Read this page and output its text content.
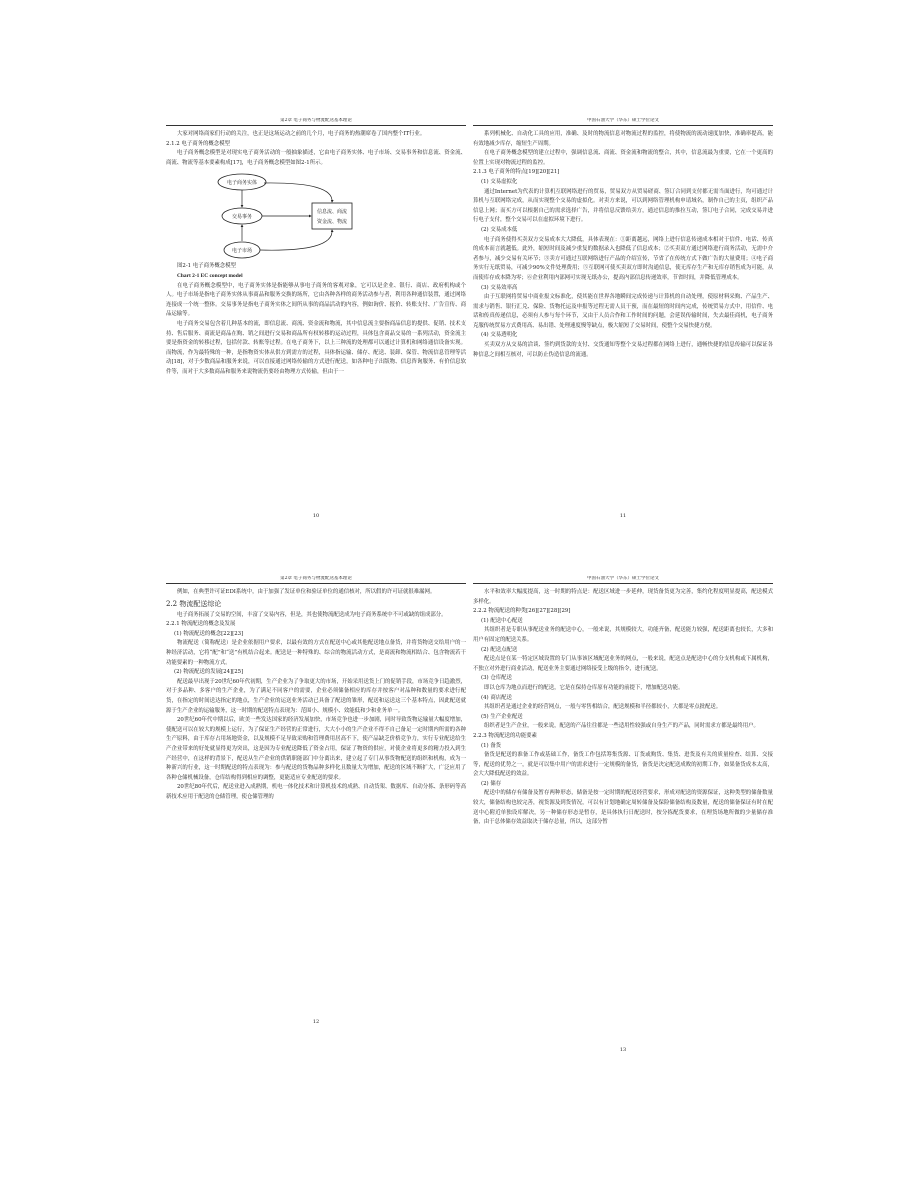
第2章 电子商务与物流配送基本理论

大家对网络商家们行动的关注，也正是这场运动之前的几个月，电子商务的热潮席卷了国内整个IT行业。

2.1.2 电子商务的概念模型

电子商务概念模型是对现实电子商务活动的一般抽象描述，它由电子商务实体、电子市场、交易事务和信息流、资金流、商流、物流等基本要素构成[17]，电子商务概念模型如图2-1所示。

电子商务实体
交易事务
电子市场
信息流、商流
资金流、物流

图2-1 电子商务概念模型

Chart 2-1 EC concept model

在电子商务概念模型中，电子商务实体是指能够从事电子商务的客观对象，它可以是企业、银行、商店、政府机构或个人。电子市场是指电子商务实体从事商品和服务交换的场所，它由各种各样的商务活动参与者，利用各种通信装置，通过网络连接成一个统一整体。交易事务是指电子商务实体之间所从事的商品活动的内容，例如询价、报价、转账支付、广告宣传、商品运输等。

电子商务交易包含着几种基本的流，即信息流、商流、资金流和物流，其中信息流主要指商品信息的提供、促销、技术支持、售后服务、商流是商品在购、销之间进行交易和商品所有权转移的运动过程，具体包含商品交易的一系列活动，资金流主要是指资金的转移过程，包括付款、转账等过程。在电子商务下，以上三种流的处理都可以通过计算机和网络通信设备实现。而物流，作为最特殊的一种，是指物资实体从供方到需方的过程，具体指运输、储存、配送、装卸、保管、物流信息管理等活动[18]，对于少数商品和服务来说，可以直接通过网络传输的方式进行配送，如各种电子出版物、信息咨询服务、有价信息软件等，而对于大多数商品和服务来说物流仍要经由物理方式传输，但由于一

10
中国石油大学（华东）硕士学位论文

系列机械化、自动化工具的应用，准确、及时的物流信息对物流过程的监控，将使物流的流动速度加快，准确率提高，能有效地减少库存，缩短生产周期。

在电子商务概念模型的建立过程中，强调信息流、商流、资金流和物流的整合，其中，信息流最为重要，它在一个更高的位置上实现对物流过程的监控。

2.1.3 电子商务的特点[19][20][21]

(1) 交易虚拟化

通过Internet为代表的计算机互联网络进行的贸易，贸易双方从贸易磋商、签订合同到支付都无需当面进行，均可通过计算机与互联网络完成，从而实现整个交易的虚拟化。对卖方来说，可以到网络管理机构申请域名，制作自己的主页，组织产品信息上网；而买方可以根据自己的需求选择广告，并将信息反馈给卖方，通过信息的推拉互动，签订电子合同，完成交易并进行电子支付，整个交易可以在虚拟环境下进行。

(2) 交易成本低

电子商务使得买卖双方交易成本大大降低，具体表现在：①距离越远，网络上进行信息传递成本相对于信件、电话、传真的成本而言就越低。此外，缩短时间及减少重复的数据录入也降低了信息成本；②买卖双方通过网络进行商务活动，无需中介者参与，减少交易有关环节；③卖方可通过互联网络进行产品的介绍宣传，节省了在传统方式下做广告的大量费用；④电子商务实行无纸贸易，可减少90%文件处理费用；⑤互联网可使买卖双方即时沟通信息，使无库存生产和无库存销售成为可能，从而使库存成本降为零；⑥企业利用内部网可实现无纸办公，提高内部信息传递效率，节省时间，并降低管理成本。

(3) 交易效率高

由于互联网将贸易中商业报文标准化，使其能在世界各地瞬间完成传递与计算机的自动处理，使原材料采购、产品生产、需求与销售、银行汇兑、保险、货物托运及申报等过程无需人员干预，而在最短的时间内完成，传统贸易方式中，用信件、电话和传真传递信息，必须有人参与每个环节，又由于人员合作和工作时间的问题，会延误传输时间，失去最佳商机，电子商务克服传统贸易方式费用高、易出错、处理速度慢等缺点，极大缩短了交易时间，使整个交易快捷方便。

(4) 交易透明化

买卖双方从交易的洽谈、签约到货款的支付、交货通知等整个交易过程都在网络上进行，通畅快捷的信息传输可以保证各种信息之间相互核对，可以防止伪造信息的流通。

11
第2章 电子商务与物流配送基本理论

例如，在典型许可证EDI系统中，由于加强了发证单位和验证单位的通信核对，所以假的许可证就很难漏网。

2.2 物流配送综论

电子商务拓展了交易的空间，丰富了交易内容，但是，其也使物流配送成为电子商务系统中不可或缺的组成部分。

2.2.1 物流配送的概念及发展

(1) 物流配送的概念[22][23]

物流配送（简称配送）是企业依据用户要求，以最有效的方式在配送中心或其他配送地点备货，并将货物送交给用户的一种经济活动，它将“配”和“送”有机结合起来。配送是一种特殊的、综合的物流活动方式，是商流和物流相结合、包含物流若干功能要素的一种物流方式。

(2) 物流配送的发展[24][25]

配送最早出现于20世纪60年代初期，生产企业为了争取更大的市场，开始采用送货上门的促销手段，市场竞争日趋激烈，对于多品种、多客户的生产企业，为了满足不同客户的需要，企业必须储备相应的库存并按客户对品种和数量的要求进行配货，在指定的时间送达指定的地点，生产企业的运送业务活动已具备了配送的雏形，配送和运送这三个基本特点，因此配送就源于生产企业的运输服务，这一时期的配送特点表现为：范围小、规模小、效能低和少和业务单一。

20世纪60年代中期以后，欧美一些发达国家的经济发展加快，市场竞争也进一步加剧，同时导致货物运输量大幅度增加，使配送可以在较大的规模上运行，为了保证生产经营的正常进行，大大小小的生产企业不得不自己备足一定时期内所需的各种生产原料，由于库存占用场地资金，以及规模不足导致采购和管理费用居高不下，使产品缺乏价格竞争力，实行专业配送给生产企业带来的好处就显得更为突出，这是因为专业配送降低了资金占用，保证了物资的供应，对使企业将更多的精力投入到生产经营中，在这样的背景下，配送从生产企业的供销职能部门中分离出来，建立起了专门从事货物配送的组织和机构，成为一种新兴的行业，这一时期配送的特点表现为：参与配送的货物品种多样化且数量大为增加，配送的区域不断扩大，广泛应用了各种仓储机械设备，仓库结构得到相应的调整，更能适应专业配送的要求。

20世纪80年代后，配送业进入成熟期，机电一体化技术和计算机技术的成熟、自动货架、数据库、自动分拣、条形码等高新技术应用于配送的仓储管理，使仓储管理的

12
中国石油大学（华东）硕士学位论文

水平和效率大幅度提高，这一时期的特点是：配送区域进一步延伸，现货备货更为完善，集约化程度明显提高，配送模式多样化。

2.2.2 物流配送的种类[26][27][28][29]

(1) 配送中心配送

其组织者是专职从事配送业务的配送中心，一般来说，其规模较大，功能齐备，配送能力较强，配送距离也较长，大多和用户有固定的配送关系。

(2) 配送点配送

配送点是在某一特定区域设置的专门从事该区域配送业务的网点，一般来说，配送点是配送中心的分支机构或下属机构，不独立对外进行商业活动，配送业务主要通过网络接受上级的指令，进行配送。

(3) 仓库配送

即以仓库为地点而进行的配送，它是在保持仓库原有功能的前提下，增加配送功能。

(4) 商店配送

其组织者是通过企业的经营网点，一般与零售相结合，配送规模和半径都较小，大都是零点批配送。

(5) 生产企业配送

组织者是生产企业，一般来说，配送的产品往往都是一些适用性较强或自身生产的产品，同时需求方都是最终用户。

2.2.3 物流配送的功能要素

(1) 备货

备货是配送的准备工作或基础工作，备货工作包括筹集货源、订货或购货、集货、进货及有关的质量检查、结算、交接等，配送的优势之一，就是可以集中用户的需求进行一定规模的备货，备货是决定配送成败的初期工作，如果备货成本太高，会大大降低配送的效益。

(2) 储存

配送中的储存有储备及暂存两种形态，储备是按一定时期的配送经营要求，形成对配送的资源保证，这种类型的储备数量较大，储备结构也较完善，视货源及到货情况，可以有计划地确定周转储备及保险储备结构及数量，配送的储备保证有时在配送中心附近单独设库解决，另一种储存形态是暂存，是具体执行日配送时，按分拣配货要求，在理货场地所做的少量储存准备，由于总体储存效益取决于储存总量，所以，这部分暂

13
